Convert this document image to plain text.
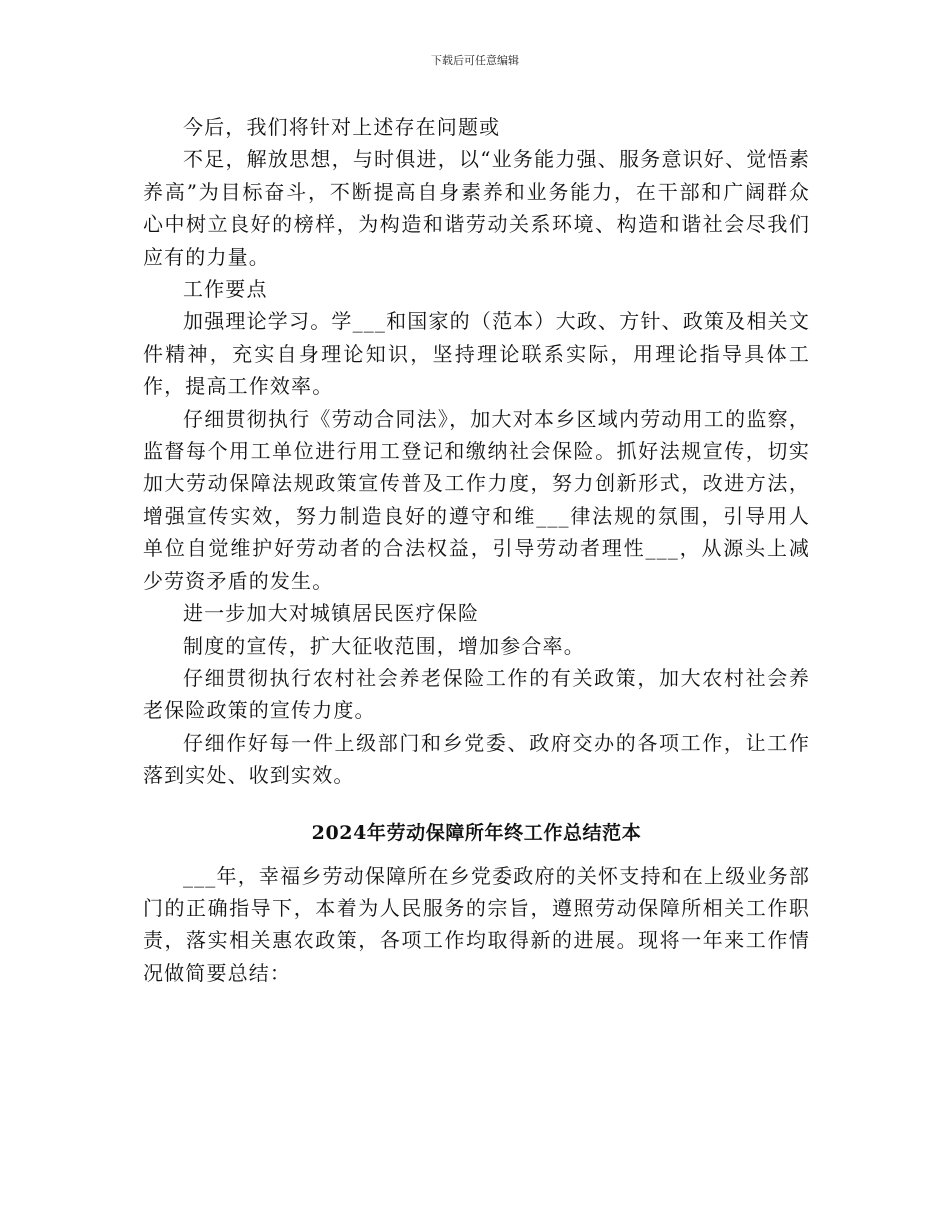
下载后可任意编辑

今后，我们将针对上述存在问题或

不足，解放思想，与时俱进，以“业务能力强、服务意识好、觉悟素养高”为目标奋斗，不断提高自身素养和业务能力，在干部和广阔群众心中树立良好的榜样，为构造和谐劳动关系环境、构造和谐社会尽我们应有的力量。

工作要点

加强理论学习。学___和国家的（范本）大政、方针、政策及相关文件精神，充实自身理论知识，坚持理论联系实际，用理论指导具体工作，提高工作效率。

仔细贯彻执行《劳动合同法》，加大对本乡区域内劳动用工的监察，监督每个用工单位进行用工登记和缴纳社会保险。抓好法规宣传，切实加大劳动保障法规政策宣传普及工作力度，努力创新形式，改进方法，增强宣传实效，努力制造良好的遵守和维___律法规的氛围，引导用人单位自觉维护好劳动者的合法权益，引导劳动者理性___，从源头上减少劳资矛盾的发生。

进一步加大对城镇居民医疗保险

制度的宣传，扩大征收范围，增加参合率。

仔细贯彻执行农村社会养老保险工作的有关政策，加大农村社会养老保险政策的宣传力度。

仔细作好每一件上级部门和乡党委、政府交办的各项工作，让工作落到实处、收到实效。

2024年劳动保障所年终工作总结范本

___年，幸福乡劳动保障所在乡党委政府的关怀支持和在上级业务部门的正确指导下，本着为人民服务的宗旨，遵照劳动保障所相关工作职责，落实相关惠农政策，各项工作均取得新的进展。现将一年来工作情况做简要总结：
